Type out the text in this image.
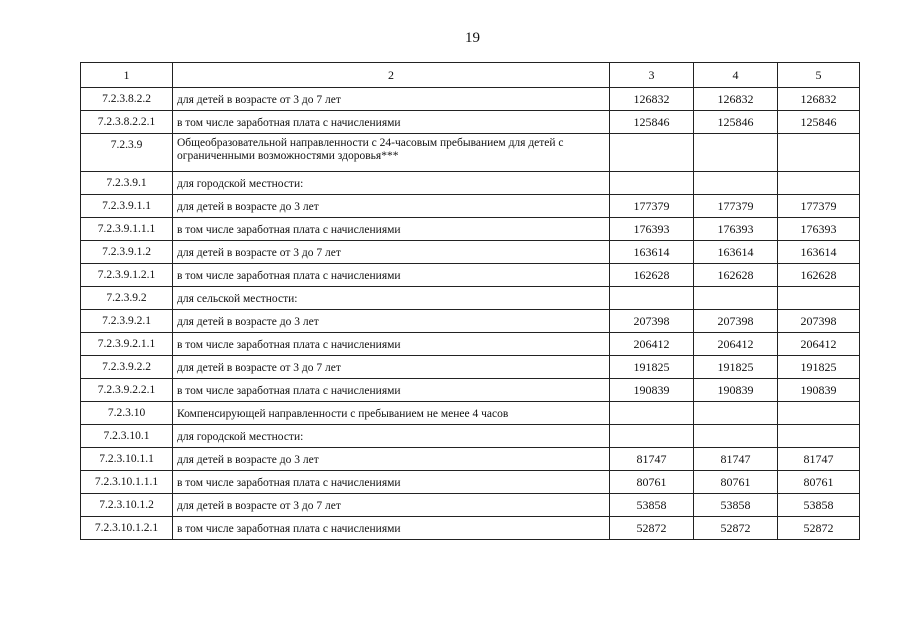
19
1	2	3	4	5
7.2.3.8.2.2	для детей в возрасте от 3 до 7 лет	126832	126832	126832
7.2.3.8.2.2.1	в том числе заработная плата с начислениями	125846	125846	125846
7.2.3.9	Общеобразовательной направленности с 24-часовым пребыванием для детей с ограниченными возможностями здоровья***			
7.2.3.9.1	для городской местности:			
7.2.3.9.1.1	для детей в возрасте до 3 лет	177379	177379	177379
7.2.3.9.1.1.1	в том числе заработная плата с начислениями	176393	176393	176393
7.2.3.9.1.2	для детей в возрасте от 3 до 7 лет	163614	163614	163614
7.2.3.9.1.2.1	в том числе заработная плата с начислениями	162628	162628	162628
7.2.3.9.2	для сельской местности:			
7.2.3.9.2.1	для детей в возрасте до 3 лет	207398	207398	207398
7.2.3.9.2.1.1	в том числе заработная плата с начислениями	206412	206412	206412
7.2.3.9.2.2	для детей в возрасте от 3 до 7 лет	191825	191825	191825
7.2.3.9.2.2.1	в том числе заработная плата с начислениями	190839	190839	190839
7.2.3.10	Компенсирующей направленности с пребыванием не менее 4 часов			
7.2.3.10.1	для городской местности:			
7.2.3.10.1.1	для детей в возрасте до 3 лет	81747	81747	81747
7.2.3.10.1.1.1	в том числе заработная плата с начислениями	80761	80761	80761
7.2.3.10.1.2	для детей в возрасте от 3 до 7 лет	53858	53858	53858
7.2.3.10.1.2.1	в том числе заработная плата с начислениями	52872	52872	52872
